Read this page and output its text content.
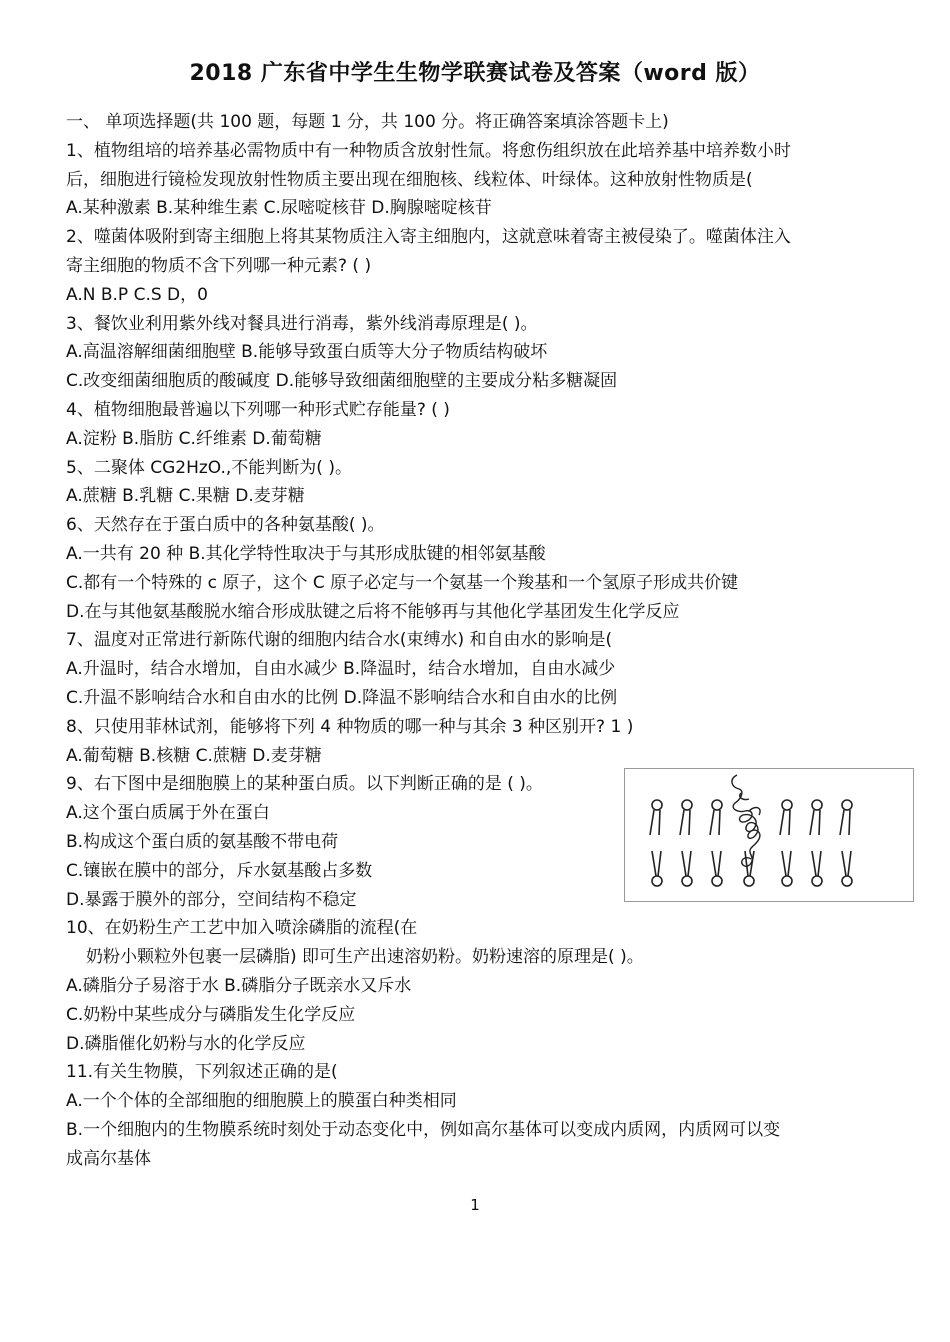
2018 广东省中学生生物学联赛试卷及答案（word 版）
一、 单项选择题(共 100 题，每题 1 分，共 100 分。将正确答案填涂答题卡上)
1、植物组培的培养基必需物质中有一种物质含放射性氚。将愈伤组织放在此培养基中培养数小时
后，细胞进行镜检发现放射性物质主要出现在细胞核、线粒体、叶绿体。这种放射性物质是(
A.某种激素 B.某种维生素 C.尿嘧啶核苷 D.胸腺嘧啶核苷
2、噬菌体吸附到寄主细胞上将其某物质注入寄主细胞内，这就意味着寄主被侵染了。噬菌体注入
寄主细胞的物质不含下列哪一种元素? ( )
A.N B.P C.S D，0
3、餐饮业利用紫外线对餐具进行消毒，紫外线消毒原理是( )。
A.高温溶解细菌细胞壁 B.能够导致蛋白质等大分子物质结构破坏
C.改变细菌细胞质的酸碱度 D.能够导致细菌细胞壁的主要成分粘多糖凝固
4、植物细胞最普遍以下列哪一种形式贮存能量? ( )
A.淀粉 B.脂肪 C.纤维素 D.葡萄糖
5、二聚体 CG2HzO.,不能判断为( )。
A.蔗糖 B.乳糖 C.果糖 D.麦芽糖
6、天然存在于蛋白质中的各种氨基酸( )。
A.一共有 20 种 B.其化学特性取决于与其形成肽键的相邻氨基酸
C.都有一个特殊的 c 原子，这个 C 原子必定与一个氨基一个羧基和一个氢原子形成共价键
D.在与其他氨基酸脱水缩合形成肽键之后将不能够再与其他化学基团发生化学反应
7、温度对正常进行新陈代谢的细胞内结合水(束缚水) 和自由水的影响是(
A.升温时，结合水增加，自由水减少 B.降温时，结合水增加，自由水减少
C.升温不影响结合水和自由水的比例 D.降温不影响结合水和自由水的比例
8、只使用菲林试剂，能够将下列 4 种物质的哪一种与其余 3 种区别开? 1 )
A.葡萄糖 B.核糖 C.蔗糖 D.麦芽糖
9、右下图中是细胞膜上的某种蛋白质。以下判断正确的是 ( )。
A.这个蛋白质属于外在蛋白
B.构成这个蛋白质的氨基酸不带电荷
C.镶嵌在膜中的部分，斥水氨基酸占多数
D.暴露于膜外的部分，空间结构不稳定
10、在奶粉生产工艺中加入喷涂磷脂的流程(在
奶粉小颗粒外包裹一层磷脂) 即可生产出速溶奶粉。奶粉速溶的原理是( )。
A.磷脂分子易溶于水 B.磷脂分子既亲水又斥水
C.奶粉中某些成分与磷脂发生化学反应
D.磷脂催化奶粉与水的化学反应
11.有关生物膜，下列叙述正确的是(
A.一个个体的全部细胞的细胞膜上的膜蛋白种类相同
B.一个细胞内的生物膜系统时刻处于动态变化中，例如高尔基体可以变成内质网，内质网可以变
成高尔基体
1
